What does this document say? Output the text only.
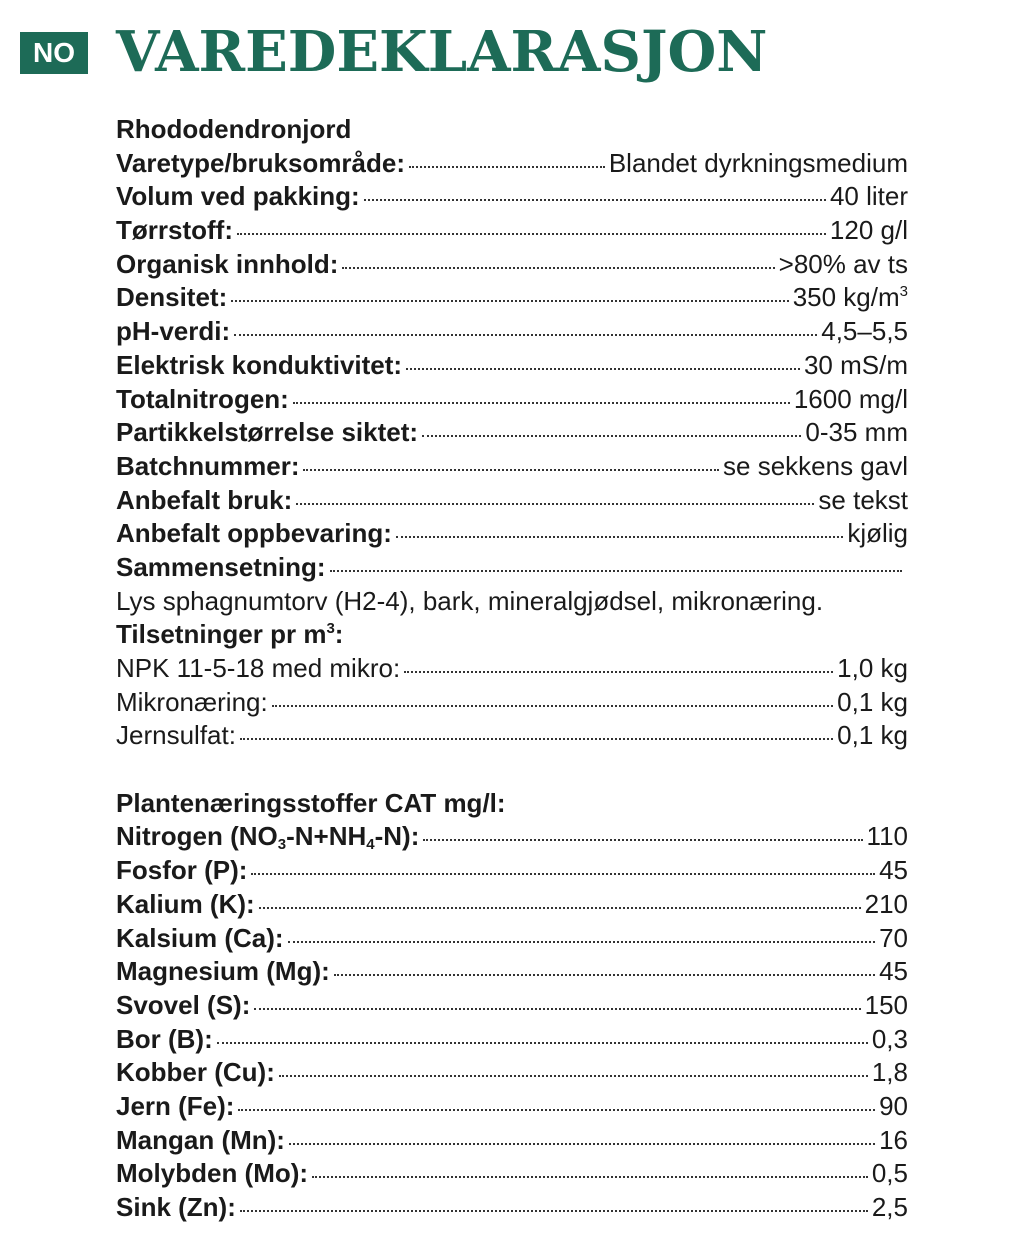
NO VAREDEKLARASJON
Rhododendronjord
Varetype/bruksområde:	Blandet dyrkningsmedium
Volum ved pakking:	40 liter
Tørrstoff:	120 g/l
Organisk innhold:	>80% av ts
Densitet:	350 $kg/m^3$
pH-verdi:	4,5–5,5
Elektrisk konduktivitet:	30 mS/m
Totalnitrogen:	1600 mg/l
Partikkelstørrelse siktet:	0-35 mm
Batchnummer:	se sekkens gavl
Anbefalt bruk:	se tekst
Anbefalt oppbevaring:	kjølig
Sammensetning:
Lys sphagnumtorv (H2-4), bark, mineralgjødsel, mikronæring.
Tilsetninger pr $m^3$:
NPK 11-5-18 med mikro:	1,0 kg
Mikronæring:	0,1 kg
Jernsulfat:	0,1 kg
Plantenæringsstoffer CAT mg/l:
Nitrogen $(NO_3-N+NH_4-N)$:	110
Fosfor (P):	45
Kalium (K):	210
Kalsium (Ca):	70
Magnesium (Mg):	45
Svovel (S):	150
Bor (B):	0,3
Kobber (Cu):	1,8
Jern (Fe):	90
Mangan (Mn):	16
Molybden (Mo):	0,5
Sink (Zn):	2,5
